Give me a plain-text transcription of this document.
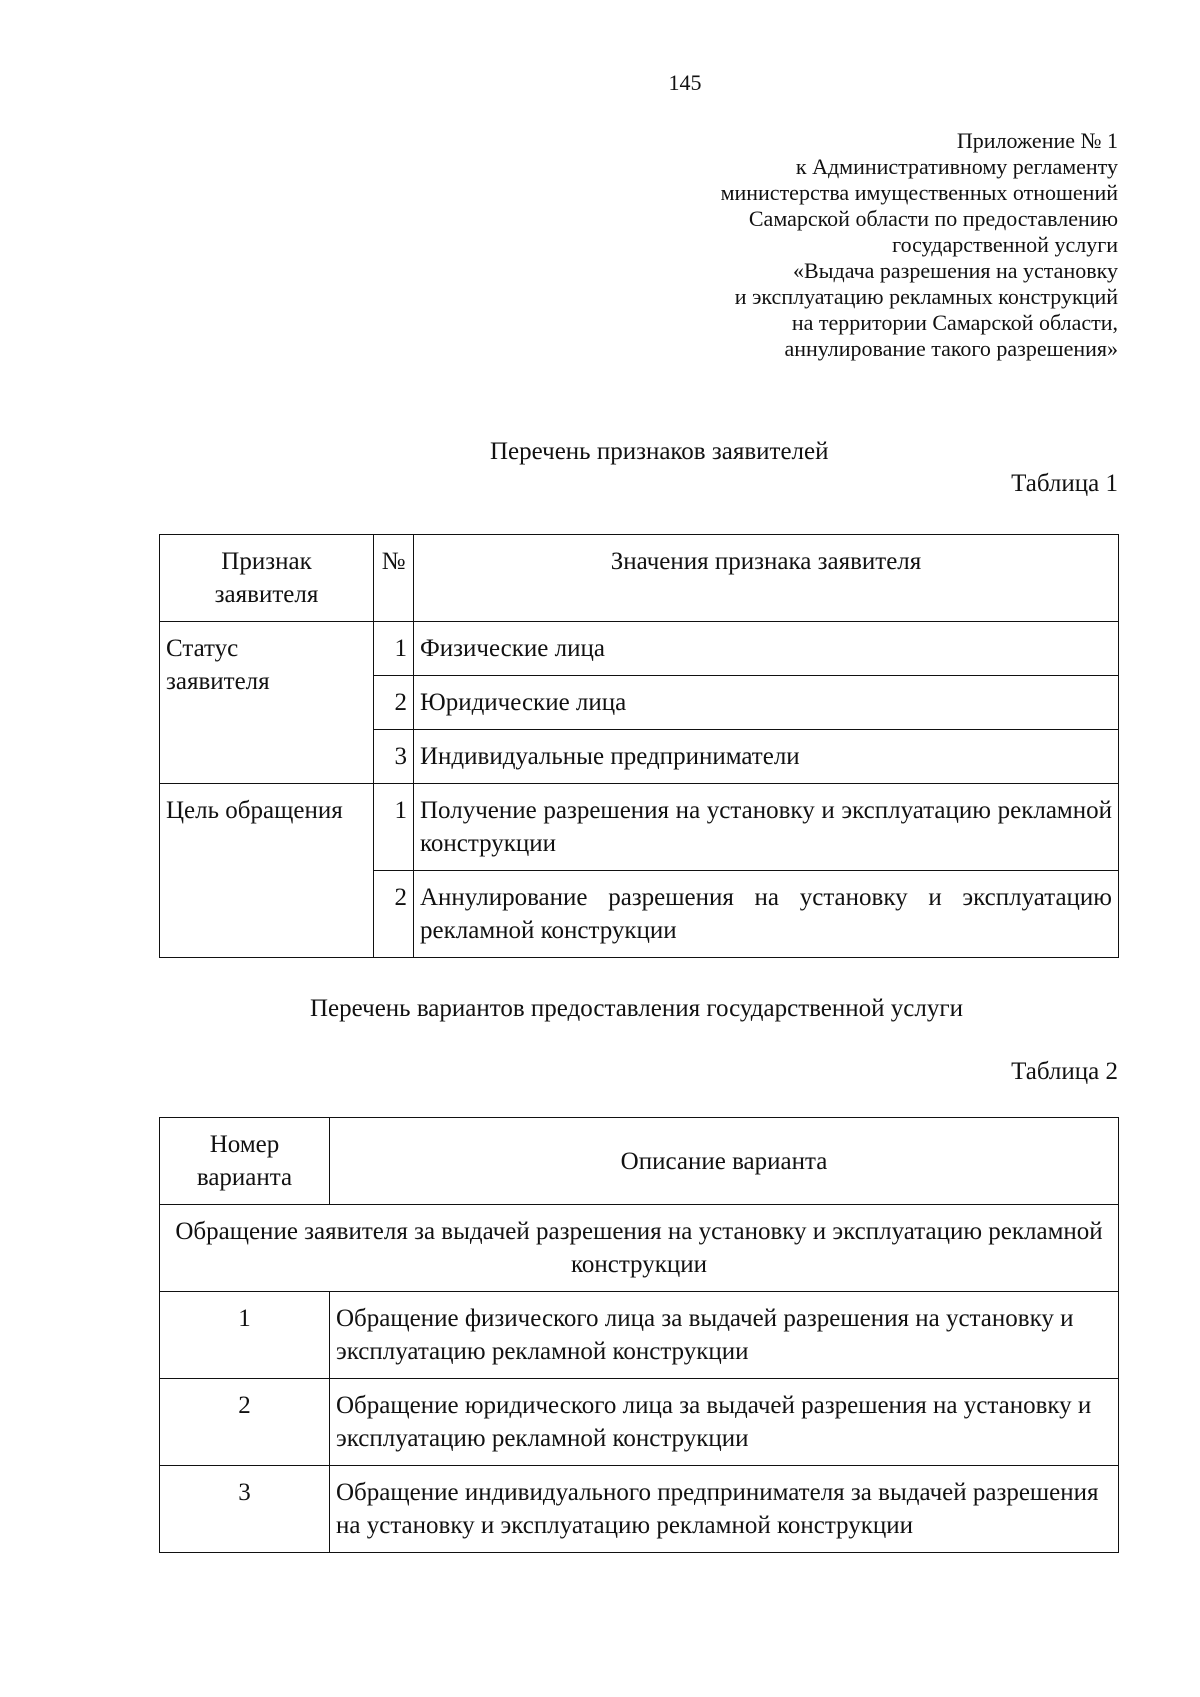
145
Приложение № 1
к Административному регламенту
министерства имущественных отношений
Самарской области по предоставлению
государственной услуги
«Выдача разрешения на установку
и эксплуатацию рекламных конструкций
на территории Самарской области,
аннулирование такого разрешения»
Перечень признаков заявителей
Таблица 1
Признак
заявителя	№	Значения признака заявителя

Статус
заявителя	1	Физические лица
	2	Юридические лица
	3	Индивидуальные предприниматели

Цель обращения	1	Получение разрешения на установку и эксплуатацию рекламной конструкции
	2	Аннулирование разрешения на установку и эксплуатацию рекламной конструкции
Перечень вариантов предоставления государственной услуги
Таблица 2
Номер
варианта	Описание варианта
Обращение заявителя за выдачей разрешения на установку и эксплуатацию рекламной конструкции	
1	Обращение физического лица за выдачей разрешения на установку и эксплуатацию рекламной конструкции
2	Обращение юридического лица за выдачей разрешения на установку и эксплуатацию рекламной конструкции
3	Обращение индивидуального предпринимателя за выдачей разрешения на установку и эксплуатацию рекламной конструкции
